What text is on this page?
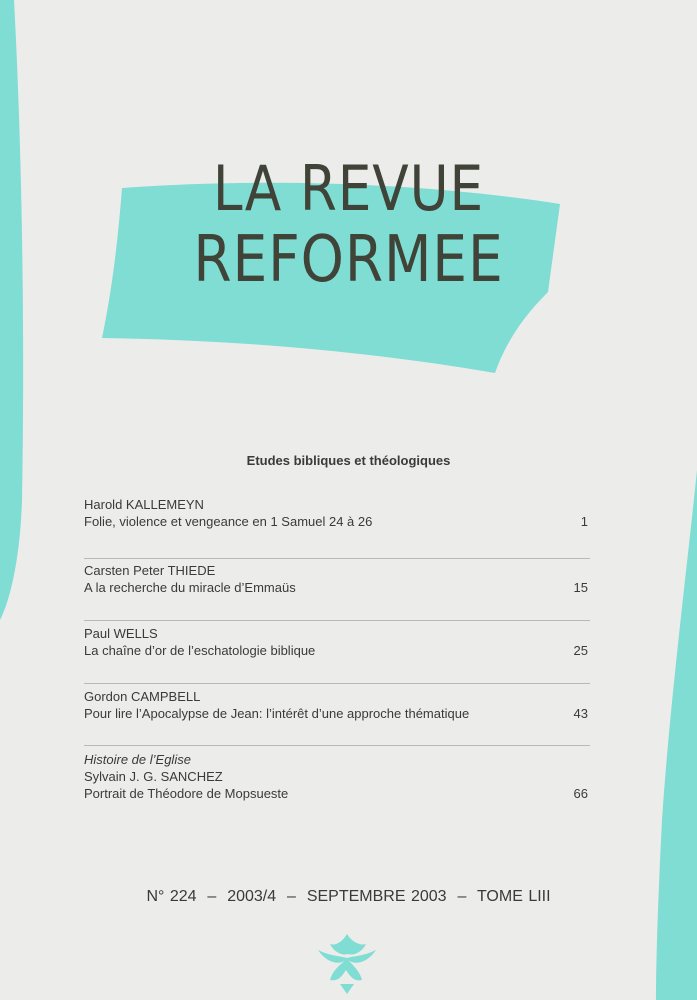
LA REVUE
REFORMEE
Etudes bibliques et théologiques
Harold KALLEMEYN
Folie, violence et vengeance en 1 Samuel 24 à 26	1
Carsten Peter THIEDE
A la recherche du miracle d’Emmaüs	15
Paul WELLS
La chaîne d’or de l’eschatologie biblique	25
Gordon CAMPBELL
Pour lire l’Apocalypse de Jean: l’intérêt d’une approche thématique	43
Histoire de l’Eglise
Sylvain J. G. SANCHEZ
Portrait de Théodore de Mopsueste	66
N° 224  –  2003/4  –  SEPTEMBRE 2003  –  TOME LIII
